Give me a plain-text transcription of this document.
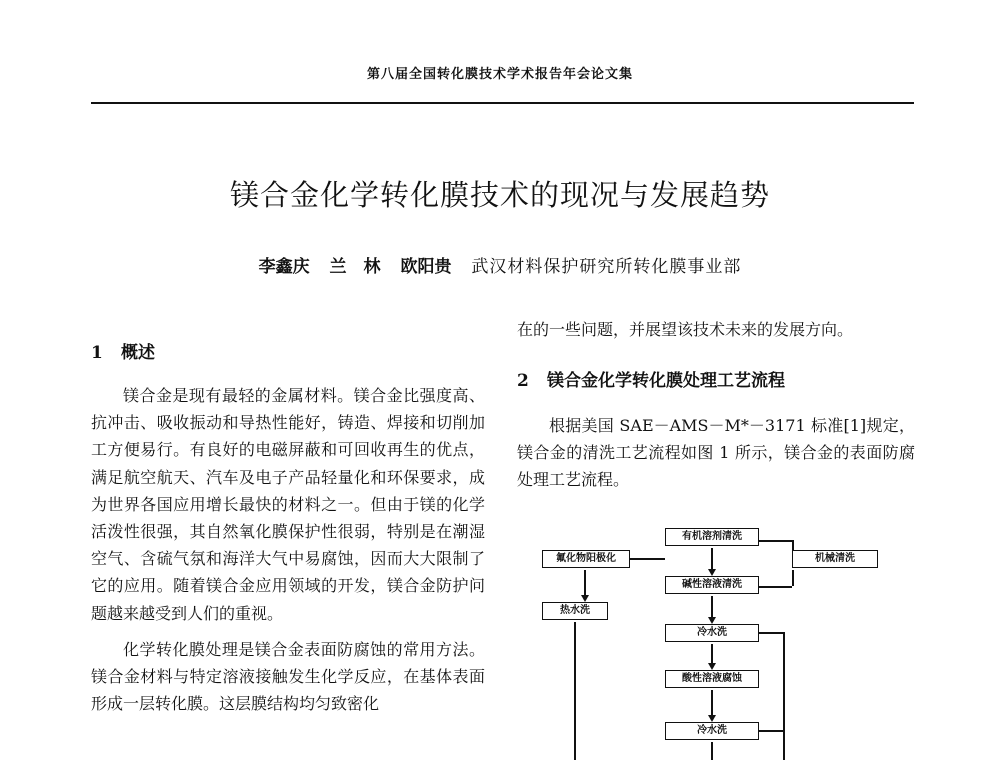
第八届全国转化膜技术学术报告年会论文集
镁合金化学转化膜技术的现况与发展趋势
李鑫庆 兰　林 欧阳贵 武汉材料保护研究所转化膜事业部
1 概述

镁合金是现有最轻的金属材料。镁合金比强度高、抗冲击、吸收振动和导热性能好，铸造、焊接和切削加工方便易行。有良好的电磁屏蔽和可回收再生的优点，满足航空航天、汽车及电子产品轻量化和环保要求，成为世界各国应用增长最快的材料之一。但由于镁的化学活泼性很强，其自然氧化膜保护性很弱，特别是在潮湿空气、含硫气氛和海洋大气中易腐蚀，因而大大限制了它的应用。随着镁合金应用领域的开发，镁合金防护问题越来越受到人们的重视。

化学转化膜处理是镁合金表面防腐蚀的常用方法。镁合金材料与特定溶液接触发生化学反应，在基体表面形成一层转化膜。这层膜结构均匀致密化

在的一些问题，并展望该技术未来的发展方向。

2 镁合金化学转化膜处理工艺流程

根据美国 SAE－AMS－M*－3171 标准[1]规定，镁合金的清洗工艺流程如图 1 所示，镁合金的表面防腐处理工艺流程。

有机溶剂清洗
氟化物阳极化	机械清洗
碱性溶液清洗
热水洗
冷水洗
酸性溶液腐蚀
冷水洗
